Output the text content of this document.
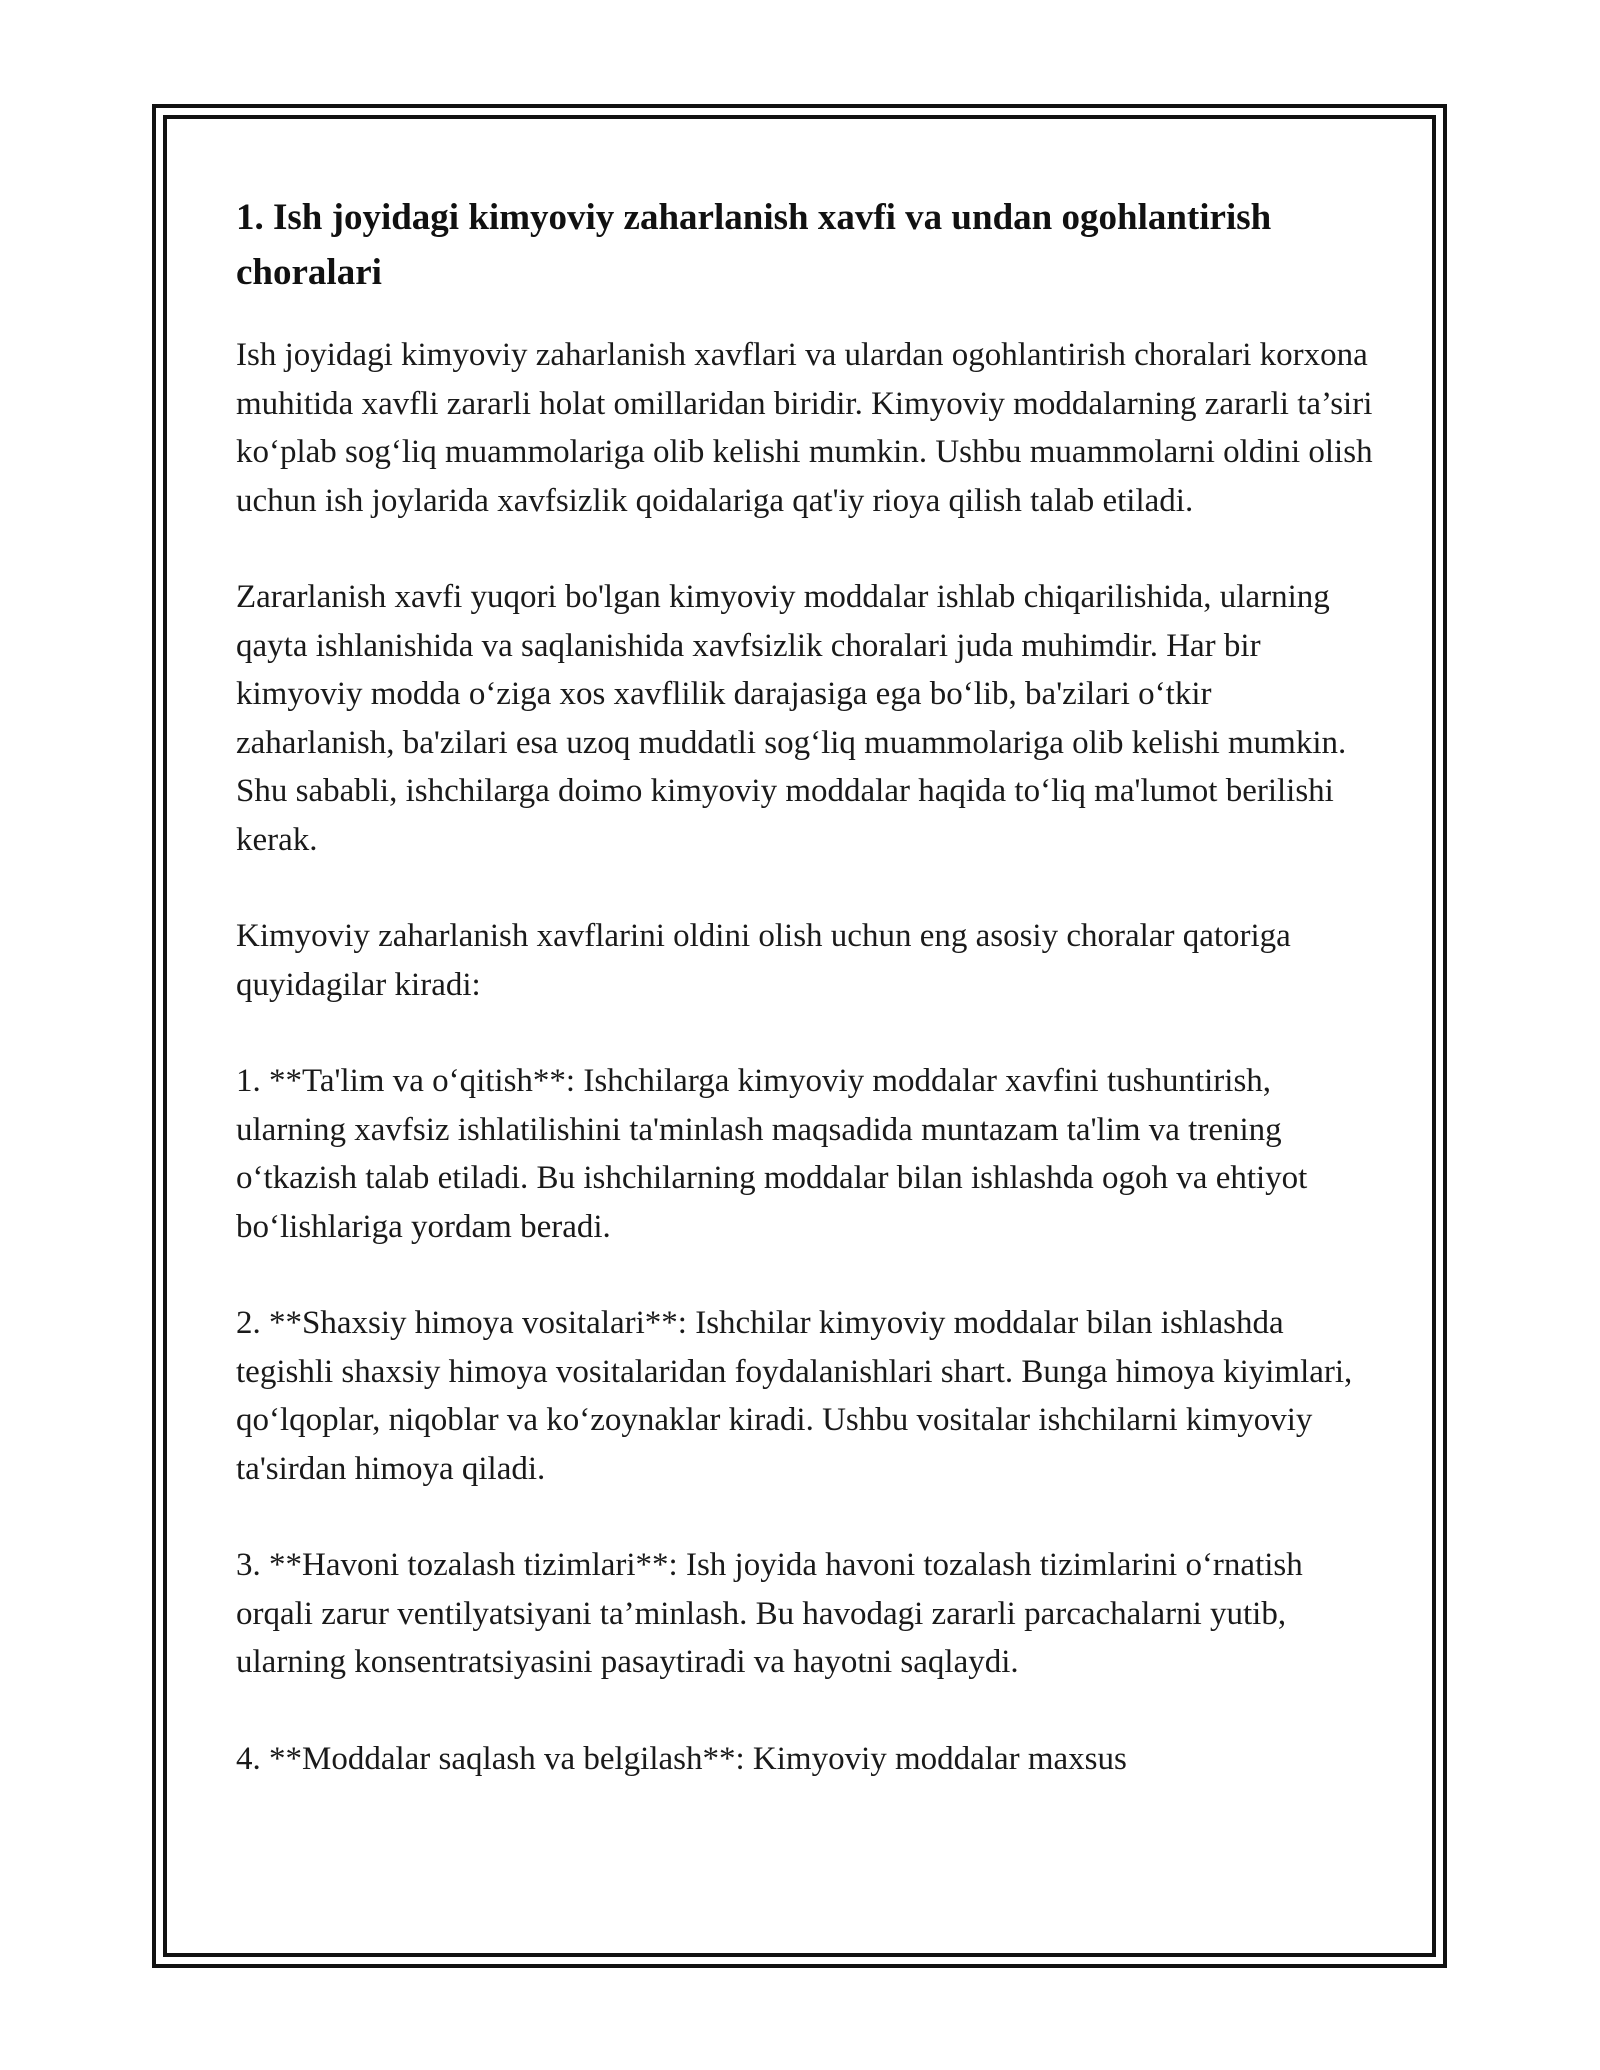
1. Ish joyidagi kimyoviy zaharlanish xavfi va undan ogohlantirish choralari

Ish joyidagi kimyoviy zaharlanish xavflari va ulardan ogohlantirish choralari korxona muhitida xavfli zararli holat omillaridan biridir. Kimyoviy moddalarning zararli ta’siri ko‘plab sog‘liq muammolariga olib kelishi mumkin. Ushbu muammolarni oldini olish uchun ish joylarida xavfsizlik qoidalariga qat'iy rioya qilish talab etiladi.

Zararlanish xavfi yuqori bo'lgan kimyoviy moddalar ishlab chiqarilishida, ularning qayta ishlanishida va saqlanishida xavfsizlik choralari juda muhimdir. Har bir kimyoviy modda o‘ziga xos xavflilik darajasiga ega bo‘lib, ba'zilari o‘tkir zaharlanish, ba'zilari esa uzoq muddatli sog‘liq muammolariga olib kelishi mumkin. Shu sababli, ishchilarga doimo kimyoviy moddalar haqida to‘liq ma'lumot berilishi kerak.

Kimyoviy zaharlanish xavflarini oldini olish uchun eng asosiy choralar qatoriga quyidagilar kiradi:

1. **Ta'lim va o‘qitish**: Ishchilarga kimyoviy moddalar xavfini tushuntirish, ularning xavfsiz ishlatilishini ta'minlash maqsadida muntazam ta'lim va trening o‘tkazish talab etiladi. Bu ishchilarning moddalar bilan ishlashda ogoh va ehtiyot bo‘lishlariga yordam beradi.

2. **Shaxsiy himoya vositalari**: Ishchilar kimyoviy moddalar bilan ishlashda tegishli shaxsiy himoya vositalaridan foydalanishlari shart. Bunga himoya kiyimlari, qo‘lqoplar, niqoblar va ko‘zoynaklar kiradi. Ushbu vositalar ishchilarni kimyoviy ta'sirdan himoya qiladi.

3. **Havoni tozalash tizimlari**: Ish joyida havoni tozalash tizimlarini o‘rnatish orqali zarur ventilyatsiyani ta’minlash. Bu havodagi zararli parcachalarni yutib, ularning konsentratsiyasini pasaytiradi va hayotni saqlaydi.

4. **Moddalar saqlash va belgilash**: Kimyoviy moddalar maxsus
